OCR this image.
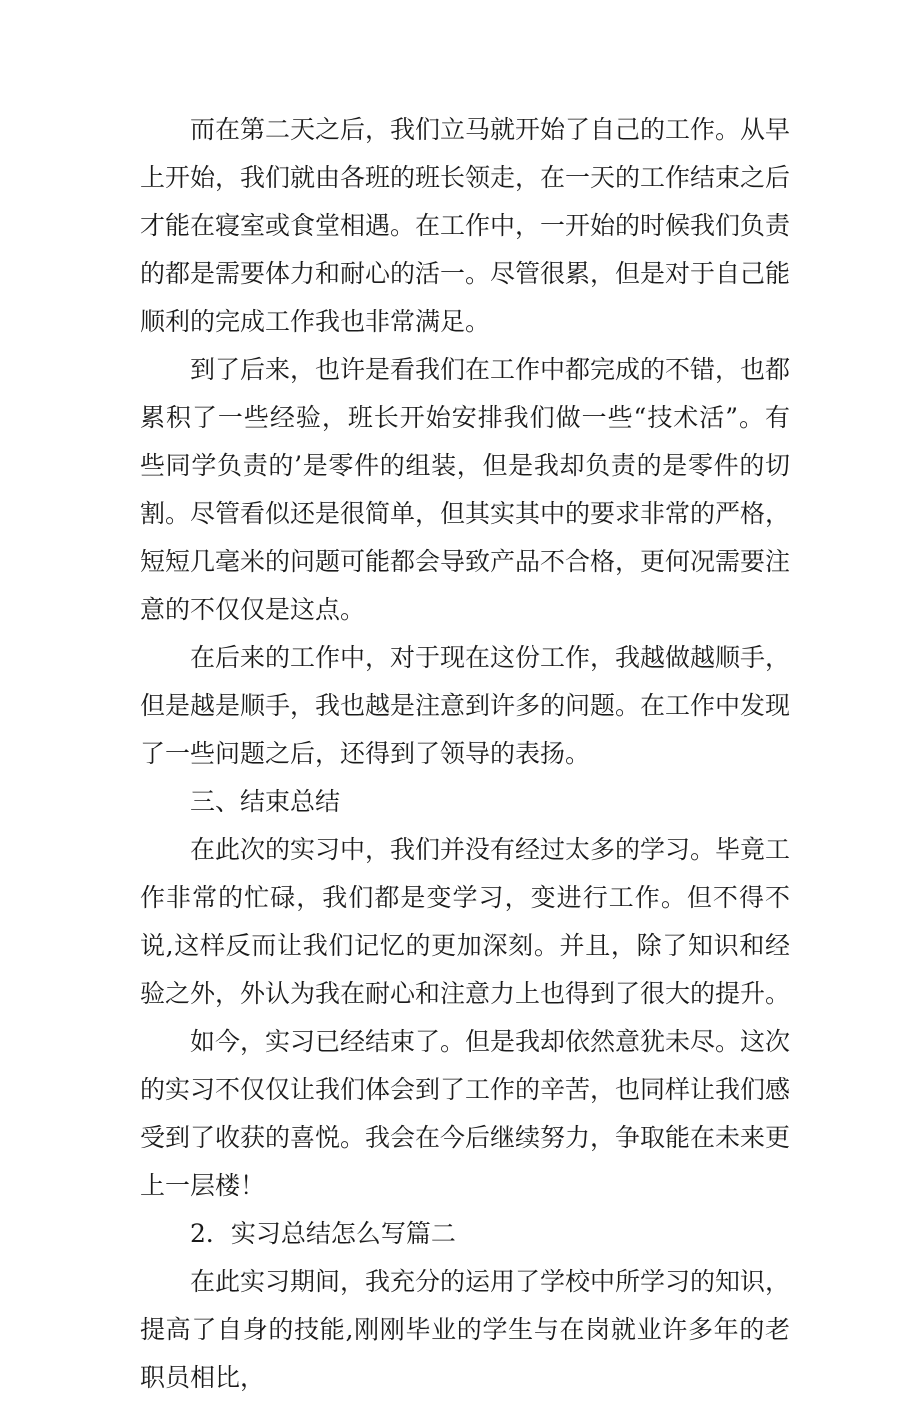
而在第二天之后，我们立马就开始了自己的工作。从早上开始，我们就由各班的班长领走，在一天的工作结束之后才能在寝室或食堂相遇。在工作中，一开始的时候我们负责的都是需要体力和耐心的活一。尽管很累，但是对于自己能顺利的完成工作我也非常满足。

到了后来，也许是看我们在工作中都完成的不错，也都累积了一些经验，班长开始安排我们做一些“技术活”。有些同学负责的’是零件的组装，但是我却负责的是零件的切割。尽管看似还是很简单，但其实其中的要求非常的严格，短短几毫米的问题可能都会导致产品不合格，更何况需要注意的不仅仅是这点。

在后来的工作中，对于现在这份工作，我越做越顺手，但是越是顺手，我也越是注意到许多的问题。在工作中发现了一些问题之后，还得到了领导的表扬。

三、结束总结

在此次的实习中，我们并没有经过太多的学习。毕竟工作非常的忙碌，我们都是变学习，变进行工作。但不得不说,这样反而让我们记忆的更加深刻。并且，除了知识和经验之外，外认为我在耐心和注意力上也得到了很大的提升。

如今，实习已经结束了。但是我却依然意犹未尽。这次的实习不仅仅让我们体会到了工作的辛苦，也同样让我们感受到了收获的喜悦。我会在今后继续努力，争取能在未来更上一层楼！

2．实习总结怎么写篇二

在此实习期间，我充分的运用了学校中所学习的知识，提高了自身的技能,刚刚毕业的学生与在岗就业许多年的老职员相比，
